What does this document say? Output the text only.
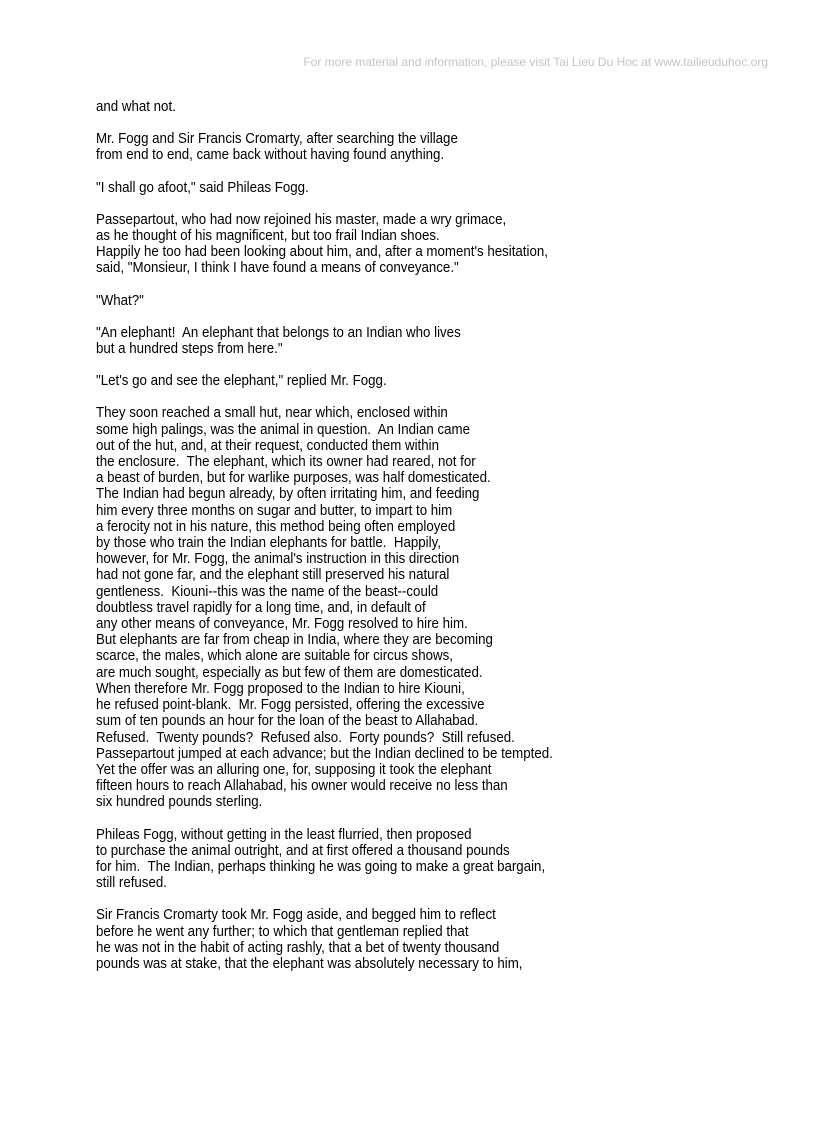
For more material and information, please visit Tai Lieu Du Hoc at www.tailieuduhoc.org
and what not.
Mr. Fogg and Sir Francis Cromarty, after searching the village
from end to end, came back without having found anything.
"I shall go afoot," said Phileas Fogg.
Passepartout, who had now rejoined his master, made a wry grimace,
as he thought of his magnificent, but too frail Indian shoes.
Happily he too had been looking about him, and, after a moment's hesitation,
said, "Monsieur, I think I have found a means of conveyance."
"What?"
"An elephant!  An elephant that belongs to an Indian who lives
but a hundred steps from here."
"Let's go and see the elephant," replied Mr. Fogg.
They soon reached a small hut, near which, enclosed within
some high palings, was the animal in question.  An Indian came
out of the hut, and, at their request, conducted them within
the enclosure.  The elephant, which its owner had reared, not for
a beast of burden, but for warlike purposes, was half domesticated.
The Indian had begun already, by often irritating him, and feeding
him every three months on sugar and butter, to impart to him
a ferocity not in his nature, this method being often employed
by those who train the Indian elephants for battle.  Happily,
however, for Mr. Fogg, the animal's instruction in this direction
had not gone far, and the elephant still preserved his natural
gentleness.  Kiouni--this was the name of the beast--could
doubtless travel rapidly for a long time, and, in default of
any other means of conveyance, Mr. Fogg resolved to hire him.
But elephants are far from cheap in India, where they are becoming
scarce, the males, which alone are suitable for circus shows,
are much sought, especially as but few of them are domesticated.
When therefore Mr. Fogg proposed to the Indian to hire Kiouni,
he refused point-blank.  Mr. Fogg persisted, offering the excessive
sum of ten pounds an hour for the loan of the beast to Allahabad.
Refused.  Twenty pounds?  Refused also.  Forty pounds?  Still refused.
Passepartout jumped at each advance; but the Indian declined to be tempted.
Yet the offer was an alluring one, for, supposing it took the elephant
fifteen hours to reach Allahabad, his owner would receive no less than
six hundred pounds sterling.
Phileas Fogg, without getting in the least flurried, then proposed
to purchase the animal outright, and at first offered a thousand pounds
for him.  The Indian, perhaps thinking he was going to make a great bargain,
still refused.
Sir Francis Cromarty took Mr. Fogg aside, and begged him to reflect
before he went any further; to which that gentleman replied that
he was not in the habit of acting rashly, that a bet of twenty thousand
pounds was at stake, that the elephant was absolutely necessary to him,
